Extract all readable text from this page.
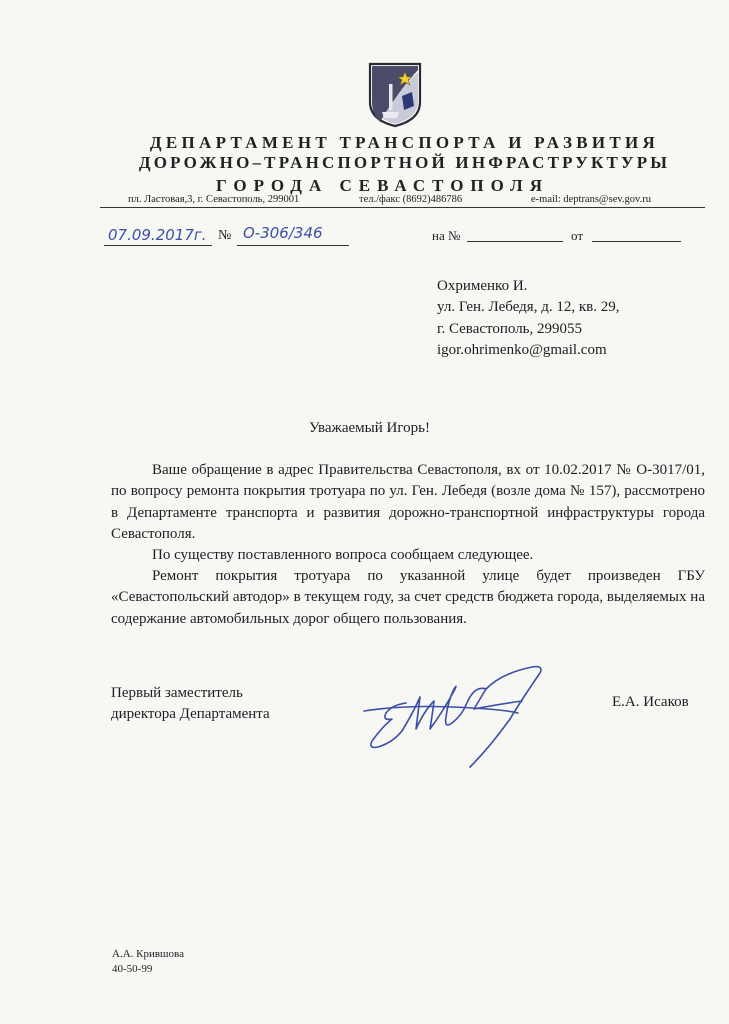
ДЕПАРТАМЕНТ ТРАНСПОРТА И РАЗВИТИЯ
ДОРОЖНО–ТРАНСПОРТНОЙ ИНФРАСТРУКТУРЫ
ГОРОДА СЕВАСТОПОЛЯ
пл. Ластовая,3, г. Севастополь, 299001	тел./факс (8692)486786	e-mail: deptrans@sev.gov.ru
07.09.2017г. № О-306/346	на №	от
Охрименко И.
ул. Ген. Лебедя, д. 12, кв. 29,
г. Севастополь, 299055
igor.ohrimenko@gmail.com
Уважаемый Игорь!
Ваше обращение в адрес Правительства Севастополя, вх от 10.02.2017 № О-3017/01, по вопросу ремонта покрытия тротуара по ул. Ген. Лебедя (возле дома № 157), рассмотрено в Департаменте транспорта и развития дорожно-транспортной инфраструктуры города Севастополя.
По существу поставленного вопроса сообщаем следующее.
Ремонт покрытия тротуара по указанной улице будет произведен ГБУ «Севастопольский автодор» в текущем году, за счет средств бюджета города, выделяемых на содержание автомобильных дорог общего пользования.
Первый заместитель
директора Департамента
Е.А. Исаков
А.А. Крившова
40-50-99
